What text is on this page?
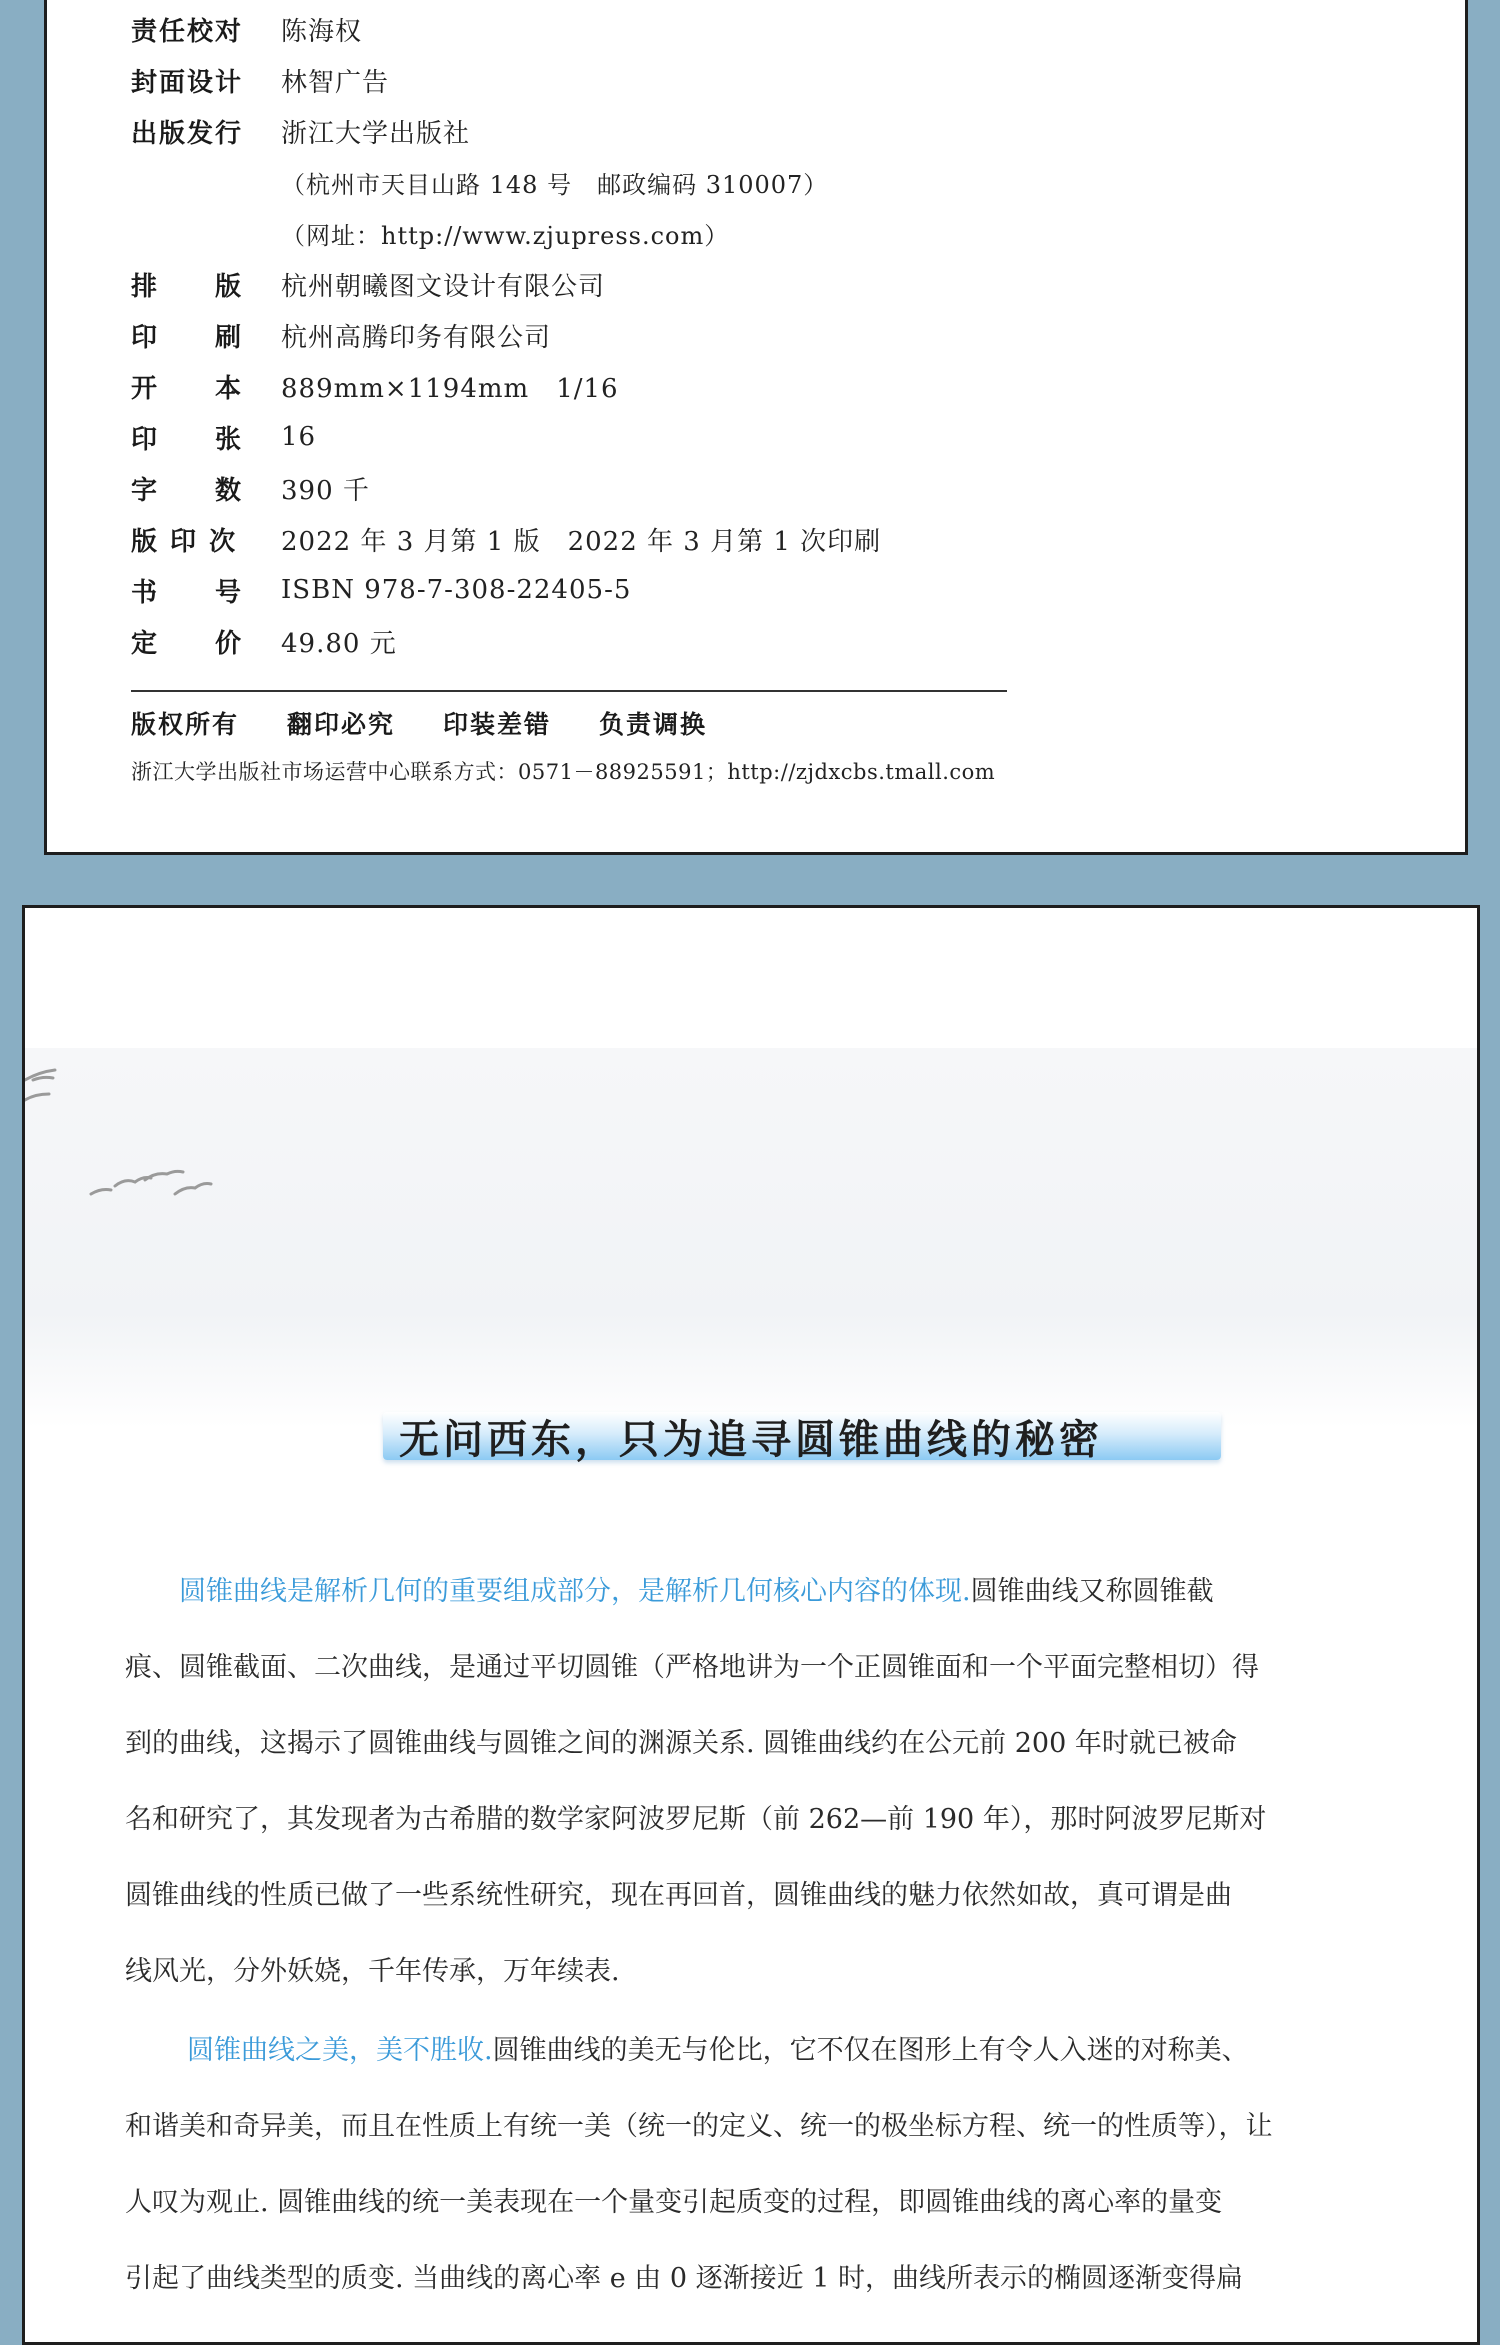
责任校对	陈海权
封面设计	林智广告
出版发行	浙江大学出版社
（杭州市天目山路 148 号　邮政编码 310007）
（网址：http://www.zjupress.com）
排　　版	杭州朝曦图文设计有限公司
印　　刷	杭州高腾印务有限公司
开　　本	889mm×1194mm　1/16
印　　张	16
字　　数	390 千
版 印 次	2022 年 3 月第 1 版　2022 年 3 月第 1 次印刷
书　　号	ISBN 978-7-308-22405-5
定　　价	49.80 元
版权所有 翻印必究 印装差错 负责调换
浙江大学出版社市场运营中心联系方式：0571－88925591；http://zjdxcbs.tmall.com
无问西东，只为追寻圆锥曲线的秘密
圆锥曲线是解析几何的重要组成部分，是解析几何核心内容的体现. 圆锥曲线又称圆锥截
痕、圆锥截面、二次曲线，是通过平切圆锥（严格地讲为一个正圆锥面和一个平面完整相切）得
到的曲线，这揭示了圆锥曲线与圆锥之间的渊源关系. 圆锥曲线约在公元前 200 年时就已被命
名和研究了，其发现者为古希腊的数学家阿波罗尼斯（前 262—前 190 年），那时阿波罗尼斯对
圆锥曲线的性质已做了一些系统性研究，现在再回首，圆锥曲线的魅力依然如故，真可谓是曲
线风光，分外妖娆，千年传承，万年续表.
圆锥曲线之美，美不胜收. 圆锥曲线的美无与伦比，它不仅在图形上有令人入迷的对称美、
和谐美和奇异美，而且在性质上有统一美（统一的定义、统一的极坐标方程、统一的性质等），让
人叹为观止. 圆锥曲线的统一美表现在一个量变引起质变的过程，即圆锥曲线的离心率的量变
引起了曲线类型的质变. 当曲线的离心率 e 由 0 逐渐接近 1 时，曲线所表示的椭圆逐渐变得扁
